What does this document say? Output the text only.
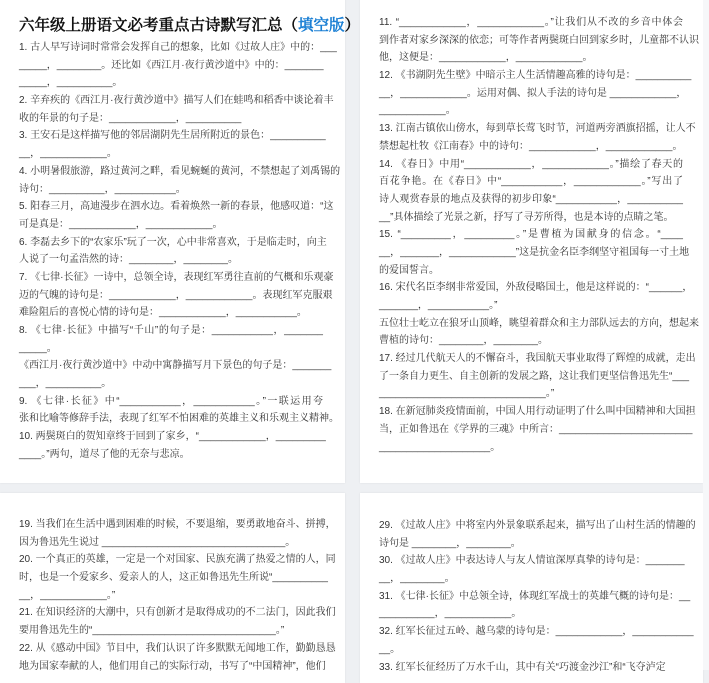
六年级上册语文必考重点古诗默写汇总（填空版）
1. 古人早写诗词时常常会发挥自己的想象，比如《过故人庄》中的：___
_____，________。还比如《西江月·夜行黄沙道中》中的：_______
_____，__________。
2. 辛弃疾的《西江月·夜行黄沙道中》描写人们在蛙鸣和稻香中谈论着丰
收的年景的句子是：____________，__________
3. 王安石是这样描写他的邻居湖阴先生居所附近的景色：__________
__，____________。
4. 小明暑假旅游，路过黄河之畔，看见蜿蜒的黄河，不禁想起了刘禹锡的
诗句：__________，___________。
5. 阳春三月，高迪漫步在泗水边。看着焕然一新的春景，他感叹道：“这
可是真是：____________，____________。
6. 李磊去乡下的“农家乐”玩了一次，心中非常喜欢，于是临走时，向主
人说了一句孟浩然的诗：________，________。
7. 《七律·长征》一诗中，总领全诗，表现红军勇往直前的气概和乐观豪
迈的气魄的诗句是：____________，____________。表现红军克服艰
难险阻后的喜悦心情的诗句是：____________，___________。
8. 《七律·长征》中描写“千山”的句子是：___________，_______
_____。
《西江月·夜行黄沙道中》中动中寓静描写月下景色的句子是：_______
___，__________。
9. 《七律·长征》中“___________，___________。”一联运用夸
张和比喻等修辞手法，表现了红军不怕困难的英雄主义和乐观主义精神。
10. 两鬓斑白的贺知章终于回到了家乡，“____________，_________
____。”两句，道尽了他的无奈与悲凉。
11. “____________，____________。”让我们从不改的乡音中体会
到作者对家乡深深的依恋；可等作者两鬓斑白回到家乡时，儿童都不认识
他，这便是：____________，____________。
12. 《书湖阴先生壁》中暗示主人生活情趣高雅的诗句是：__________
__，____________。运用对偶、拟人手法的诗句是 ____________，
____________。
13. 江南古镇依山傍水，每到草长莺飞时节，河道两旁酒旗招摇，让人不
禁想起杜牧《江南春》中的诗句：____________，____________。
14. 《春日》中用“____________，____________。”描绘了春天的
百花争艳。在《春日》中“___________，____________。”写出了
诗人观赏春景的地点及获得的初步印象“___________，__________
__”具体描绘了光景之新，抒写了寻芳所得，也是本诗的点睛之笔。
15. “_________，_________。”是曹植为国献身的信念。“____
__，_______，____________”这是抗金名臣李纲坚守祖国每一寸土地
的爱国誓言。
16. 宋代名臣李纲非常爱国，外敌侵略国土，他是这样说的：“______，
_______，___________。”
五位壮士屹立在狼牙山顶峰，眺望着群众和主力部队远去的方向，想起来
曹植的诗句：________，________。
17. 经过几代航天人的不懈奋斗，我国航天事业取得了辉煌的成就，走出
了一条自力更生、自主创新的发展之路，这让我们更坚信鲁迅先生“___
______________________________。”
18. 在新冠肺炎疫情面前，中国人用行动证明了什么叫中国精神和大国担
当，正如鲁迅在《学界的三魂》中所言：________________________
____________________。
19. 当我们在生活中遇到困难的时候，不要退缩，要勇敢地奋斗、拼搏，
因为鲁迅先生说过 _________________________________。
20. 一个真正的英雄，一定是一个对国家、民族充满了热爱之情的人，同
时，也是一个爱家乡、爱亲人的人，这正如鲁迅先生所说“__________
__，____________。”
21. 在知识经济的大潮中，只有创新才是取得成功的不二法门，因此我们
要用鲁迅先生的“_________________________________。”
22. 从《感动中国》节目中，我们认识了许多默默无闻地工作，勤勤恳恳
地为国家奉献的人，他们用自己的实际行动，书写了“中国精神”，他们
29. 《过故人庄》中将室内外景象联系起来，描写出了山村生活的情趣的
诗句是 ________，________。
30. 《过故人庄》中表达诗人与友人情谊深厚真挚的诗句是：_______
__，________。
31. 《七律·长征》中总领全诗，体现红军战士的英雄气概的诗句是：__
__________，____________。
32. 红军长征过五岭、越乌蒙的诗句是：____________，___________
__。
33. 红军长征经历了万水千山，其中有关“巧渡金沙江”和“飞夺泸定
